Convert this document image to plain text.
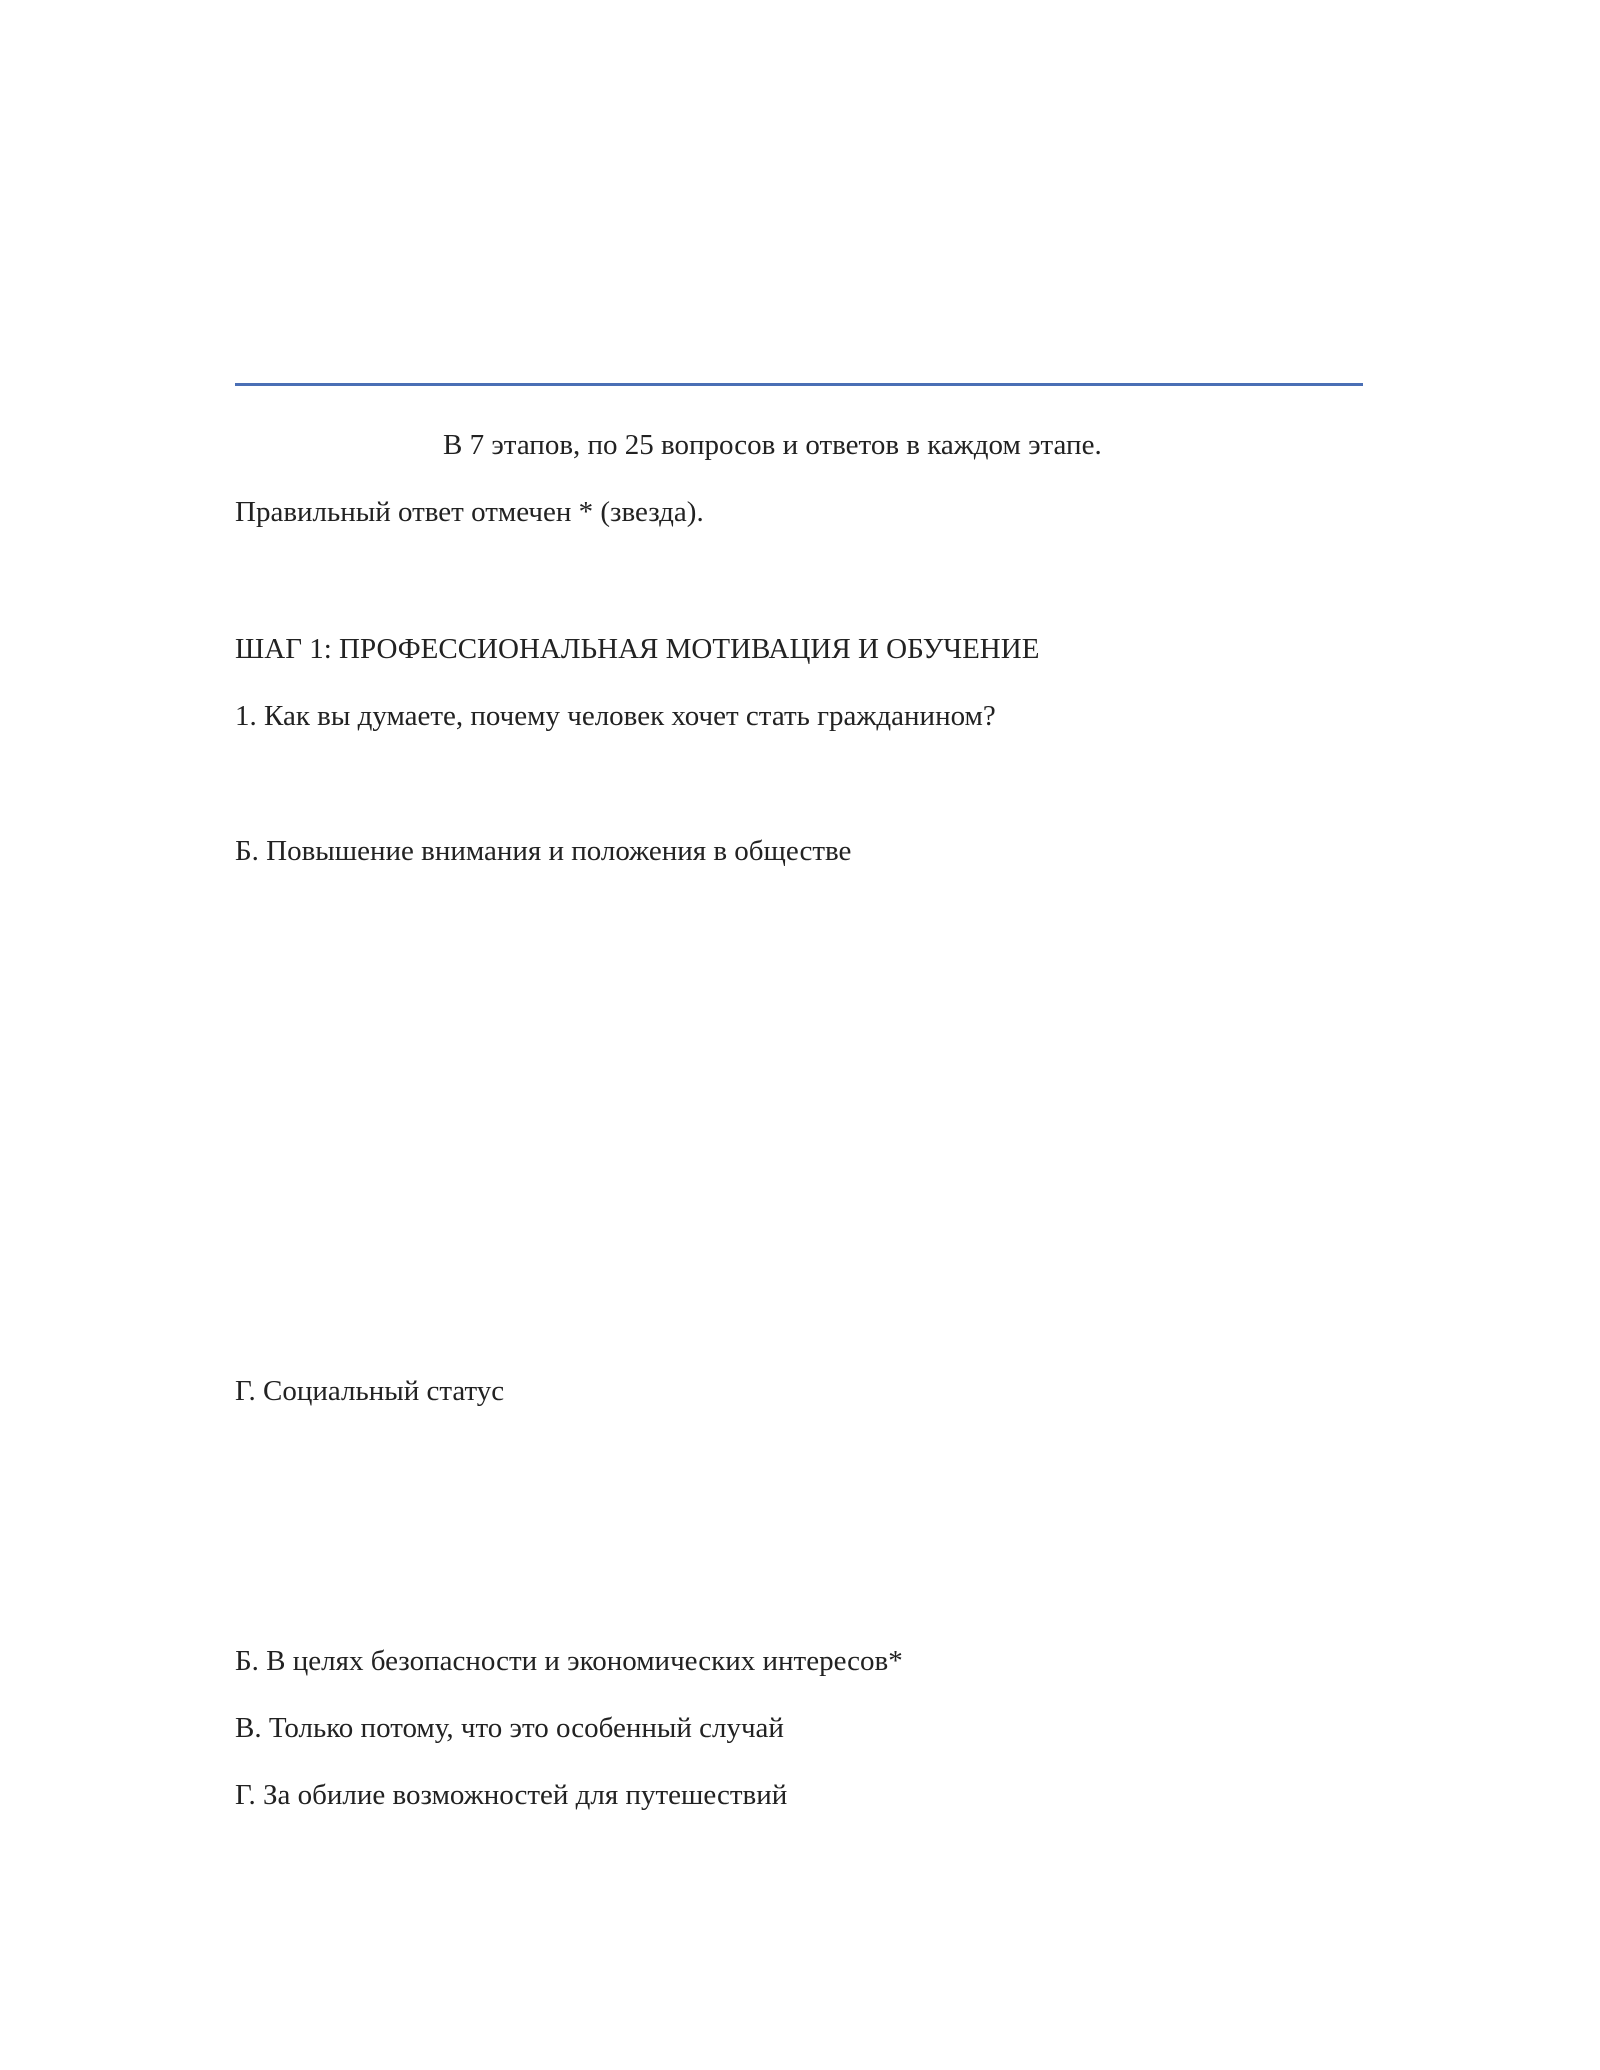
В 7 этапов, по 25 вопросов и ответов в каждом этапе.

Правильный ответ отмечен * (звезда).

ШАГ 1: ПРОФЕССИОНАЛЬНАЯ МОТИВАЦИЯ И ОБУЧЕНИЕ

1. Как вы думаете, почему человек хочет стать гражданином?

Б. Повышение внимания и положения в обществе

Г. Социальный статус

Б. В целях безопасности и экономических интересов*

В. Только потому, что это особенный случай

Г. За обилие возможностей для путешествий
